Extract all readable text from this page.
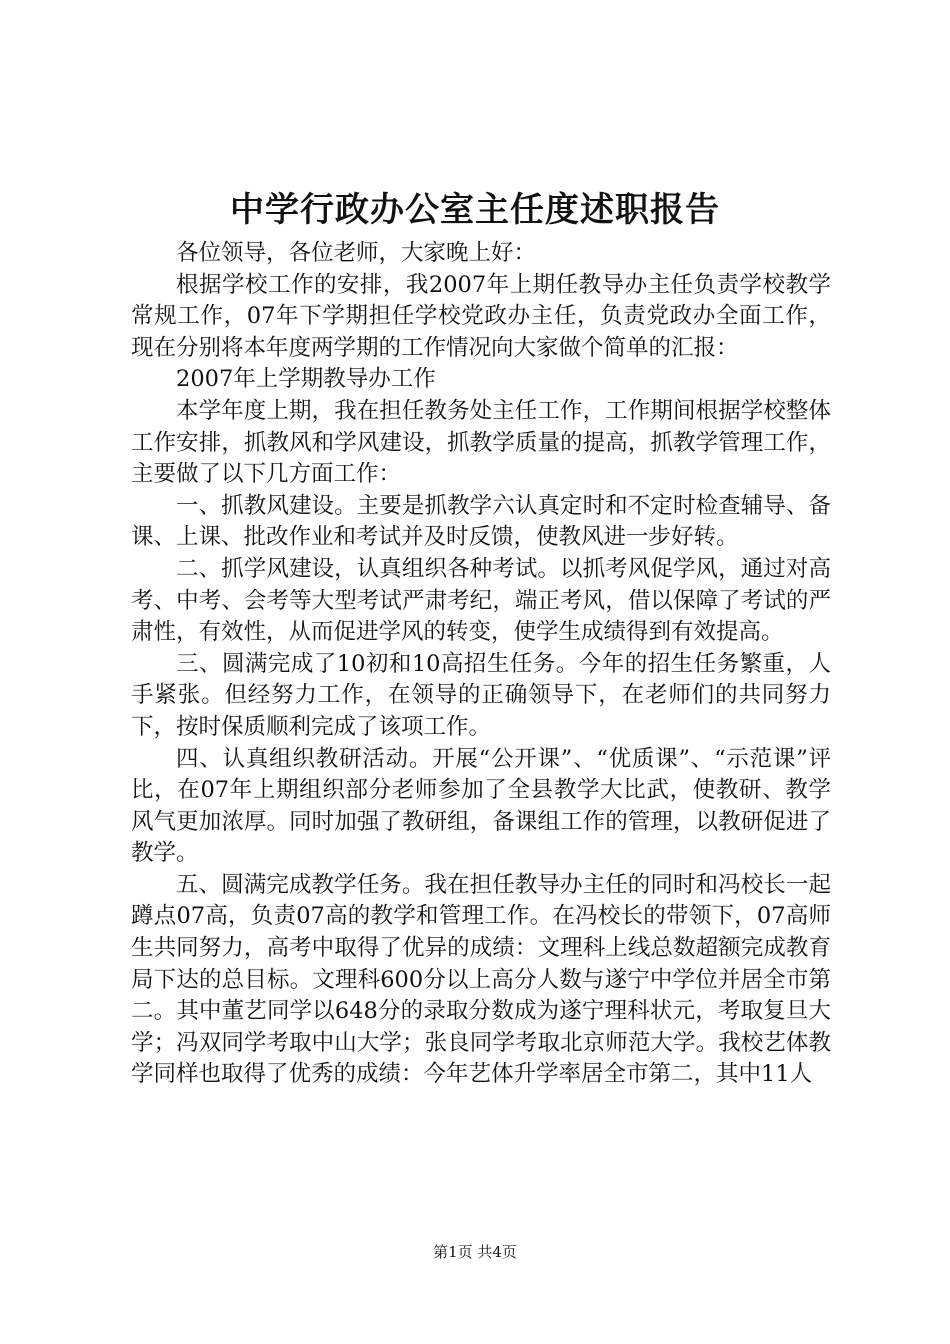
中学行政办公室主任度述职报告

各位领导，各位老师，大家晚上好：

根据学校工作的安排，我2007年上期任教导办主任负责学校教学常规工作，07年下学期担任学校党政办主任，负责党政办全面工作，现在分别将本年度两学期的工作情况向大家做个简单的汇报：

2007年上学期教导办工作

本学年度上期，我在担任教务处主任工作，工作期间根据学校整体工作安排，抓教风和学风建设，抓教学质量的提高，抓教学管理工作，主要做了以下几方面工作：

一、抓教风建设。主要是抓教学六认真定时和不定时检查辅导、备课、上课、批改作业和考试并及时反馈，使教风进一步好转。

二、抓学风建设，认真组织各种考试。以抓考风促学风，通过对高考、中考、会考等大型考试严肃考纪，端正考风，借以保障了考试的严肃性，有效性，从而促进学风的转变，使学生成绩得到有效提高。

三、圆满完成了10初和10高招生任务。今年的招生任务繁重，人手紧张。但经努力工作，在领导的正确领导下，在老师们的共同努力下，按时保质顺利完成了该项工作。

四、认真组织教研活动。开展“公开课”、“优质课”、“示范课”评比，在07年上期组织部分老师参加了全县教学大比武，使教研、教学风气更加浓厚。同时加强了教研组，备课组工作的管理，以教研促进了教学。

五、圆满完成教学任务。我在担任教导办主任的同时和冯校长一起蹲点07高，负责07高的教学和管理工作。在冯校长的带领下，07高师生共同努力，高考中取得了优异的成绩：文理科上线总数超额完成教育局下达的总目标。文理科600分以上高分人数与遂宁中学位并居全市第二。其中董艺同学以648分的录取分数成为遂宁理科状元，考取复旦大学；冯双同学考取中山大学；张良同学考取北京师范大学。我校艺体教学同样也取得了优秀的成绩：今年艺体升学率居全市第二，其中11人

第1页 共4页
